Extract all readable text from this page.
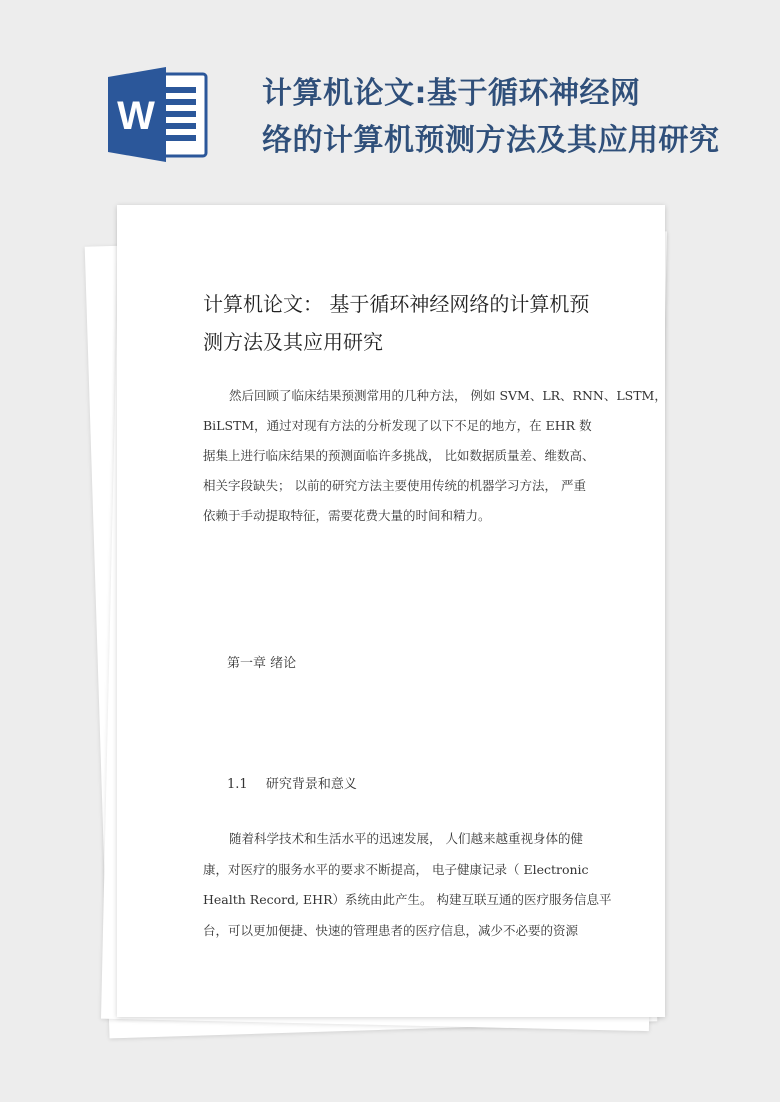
W
计算机论文:基于循环神经网
络的计算机预测方法及其应用研究
计算机论文： 基于循环神经网络的计算机预
测方法及其应用研究
然后回顾了临床结果预测常用的几种方法， 例如 SVM、LR、RNN、LSTM，
BiLSTM，通过对现有方法的分析发现了以下不足的地方，在 EHR 数
据集上进行临床结果的预测面临许多挑战， 比如数据质量差、维数高、
相关字段缺失； 以前的研究方法主要使用传统的机器学习方法， 严重
依赖于手动提取特征，需要花费大量的时间和精力。
第一章 绪论
1.1 研究背景和意义
随着科学技术和生活水平的迅速发展， 人们越来越重视身体的健
康，对医疗的服务水平的要求不断提高， 电子健康记录（ Electronic
Health Record, EHR）系统由此产生。 构建互联互通的医疗服务信息平
台，可以更加便捷、快速的管理患者的医疗信息，减少不必要的资源
